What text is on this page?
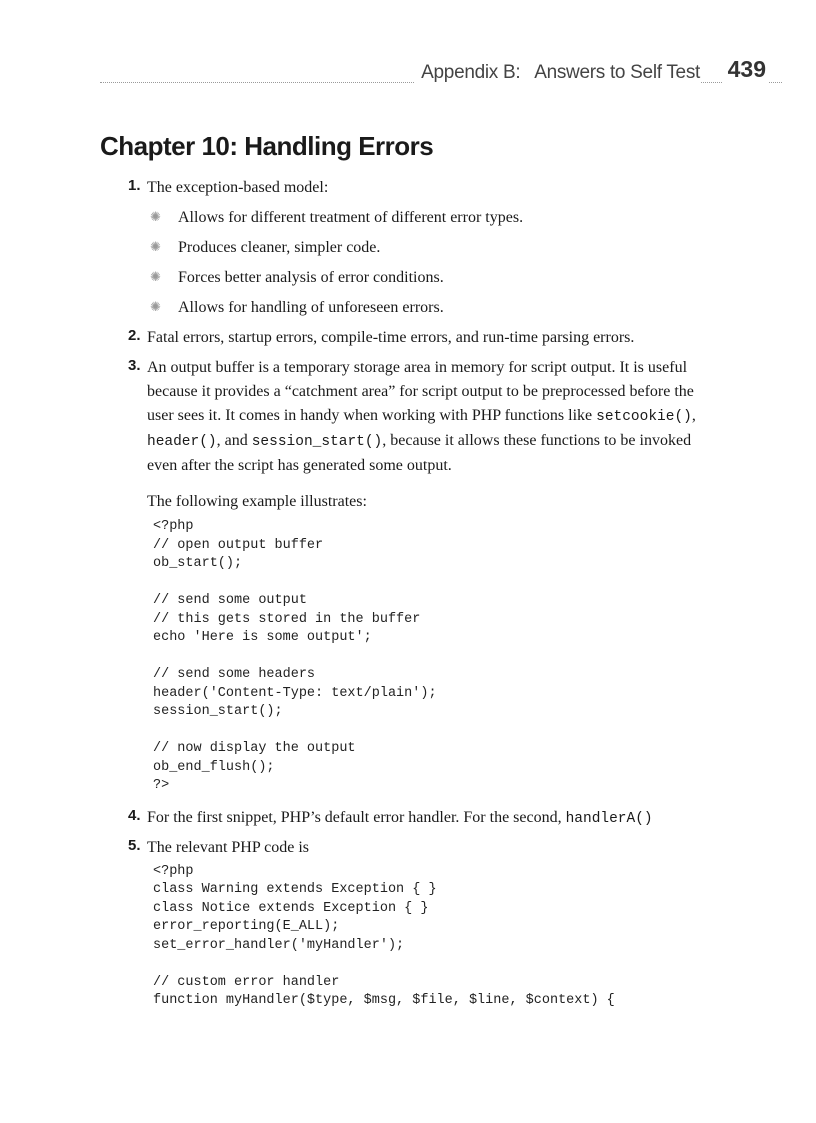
Appendix B:   Answers to Self Test 439
Chapter 10: Handling Errors
1. The exception-based model:
✺ Allows for different treatment of different error types.
✺ Produces cleaner, simpler code.
✺ Forces better analysis of error conditions.
✺ Allows for handling of unforeseen errors.
2. Fatal errors, startup errors, compile-time errors, and run-time parsing errors.
3. An output buffer is a temporary storage area in memory for script output. It is useful because it provides a “catchment area” for script output to be preprocessed before the user sees it. It comes in handy when working with PHP functions like setcookie(), header(), and session_start(), because it allows these functions to be invoked even after the script has generated some output.
The following example illustrates:
<?php
// open output buffer
ob_start();

// send some output
// this gets stored in the buffer
echo 'Here is some output';

// send some headers
header('Content-Type: text/plain');
session_start();

// now display the output
ob_end_flush();
?>
4. For the first snippet, PHP’s default error handler. For the second, handlerA()
5. The relevant PHP code is
<?php
class Warning extends Exception { }
class Notice extends Exception { }
error_reporting(E_ALL);
set_error_handler('myHandler');

// custom error handler
function myHandler($type, $msg, $file, $line, $context) {
